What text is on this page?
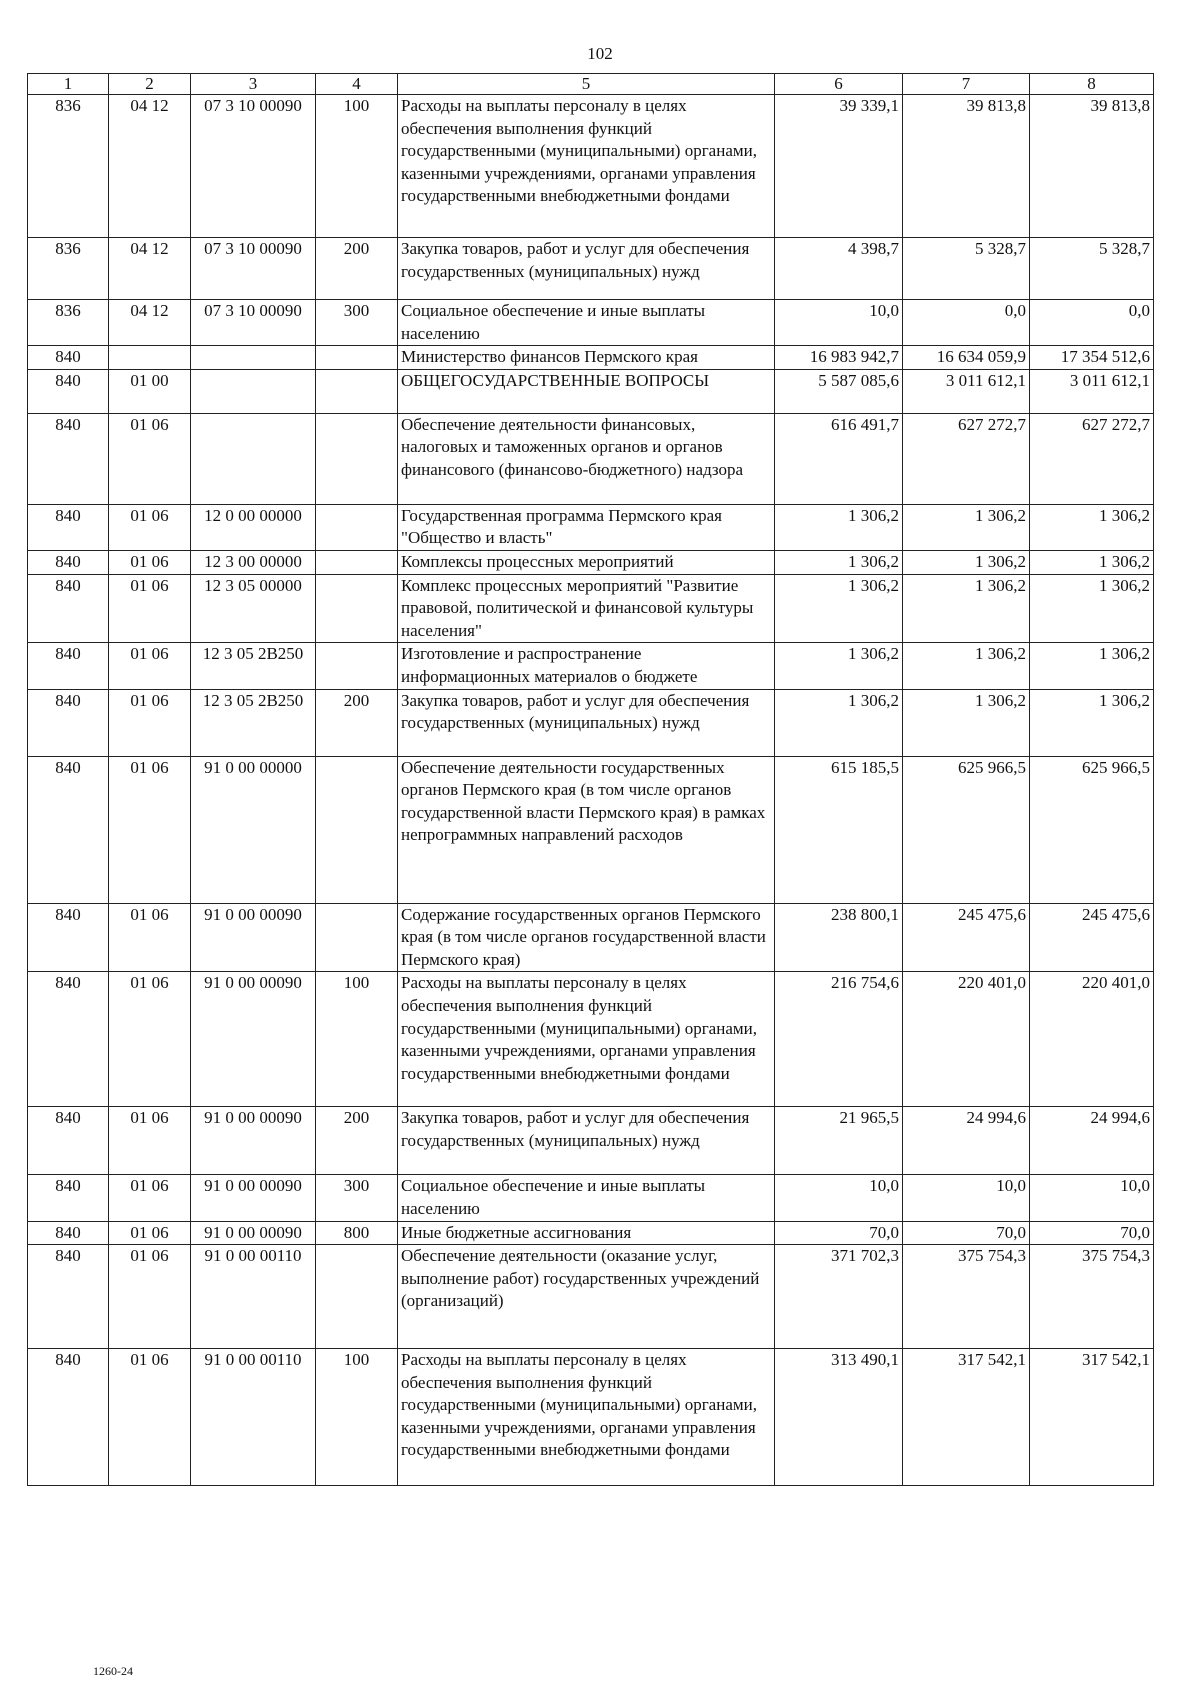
102
1	2	3	4	5	6	7	8
836	04 12	07 3 10 00090	100	Расходы на выплаты персоналу в целях обеспечения выполнения функций государственными (муниципальными) органами, казенными учреждениями, органами управления государственными внебюджетными фондами	39 339,1	39 813,8	39 813,8
836	04 12	07 3 10 00090	200	Закупка товаров, работ и услуг для обеспечения государственных (муниципальных) нужд	4 398,7	5 328,7	5 328,7
836	04 12	07 3 10 00090	300	Социальное обеспечение и иные выплаты населению	10,0	0,0	0,0
840				Министерство финансов Пермского края	16 983 942,7	16 634 059,9	17 354 512,6
840	01 00			ОБЩЕГОСУДАРСТВЕННЫЕ ВОПРОСЫ	5 587 085,6	3 011 612,1	3 011 612,1
840	01 06			Обеспечение деятельности финансовых, налоговых и таможенных органов и органов финансового (финансово-бюджетного) надзора	616 491,7	627 272,7	627 272,7
840	01 06	12 0 00 00000		Государственная программа Пермского края "Общество и власть"	1 306,2	1 306,2	1 306,2
840	01 06	12 3 00 00000		Комплексы процессных мероприятий	1 306,2	1 306,2	1 306,2
840	01 06	12 3 05 00000		Комплекс процессных мероприятий "Развитие правовой, политической и финансовой культуры населения"	1 306,2	1 306,2	1 306,2
840	01 06	12 3 05 2B250		Изготовление и распространение информационных материалов о бюджете	1 306,2	1 306,2	1 306,2
840	01 06	12 3 05 2B250	200	Закупка товаров, работ и услуг для обеспечения государственных (муниципальных) нужд	1 306,2	1 306,2	1 306,2
840	01 06	91 0 00 00000		Обеспечение деятельности государственных органов Пермского края (в том числе органов государственной власти Пермского края) в рамках непрограммных направлений расходов	615 185,5	625 966,5	625 966,5
840	01 06	91 0 00 00090		Содержание государственных органов Пермского края (в том числе органов государственной власти Пермского края)	238 800,1	245 475,6	245 475,6
840	01 06	91 0 00 00090	100	Расходы на выплаты персоналу в целях обеспечения выполнения функций государственными (муниципальными) органами, казенными учреждениями, органами управления государственными внебюджетными фондами	216 754,6	220 401,0	220 401,0
840	01 06	91 0 00 00090	200	Закупка товаров, работ и услуг для обеспечения государственных (муниципальных) нужд	21 965,5	24 994,6	24 994,6
840	01 06	91 0 00 00090	300	Социальное обеспечение и иные выплаты населению	10,0	10,0	10,0
840	01 06	91 0 00 00090	800	Иные бюджетные ассигнования	70,0	70,0	70,0
840	01 06	91 0 00 00110		Обеспечение деятельности (оказание услуг, выполнение работ) государственных учреждений (организаций)	371 702,3	375 754,3	375 754,3
840	01 06	91 0 00 00110	100	Расходы на выплаты персоналу в целях обеспечения выполнения функций государственными (муниципальными) органами, казенными учреждениями, органами управления государственными внебюджетными фондами	313 490,1	317 542,1	317 542,1
1260-24
